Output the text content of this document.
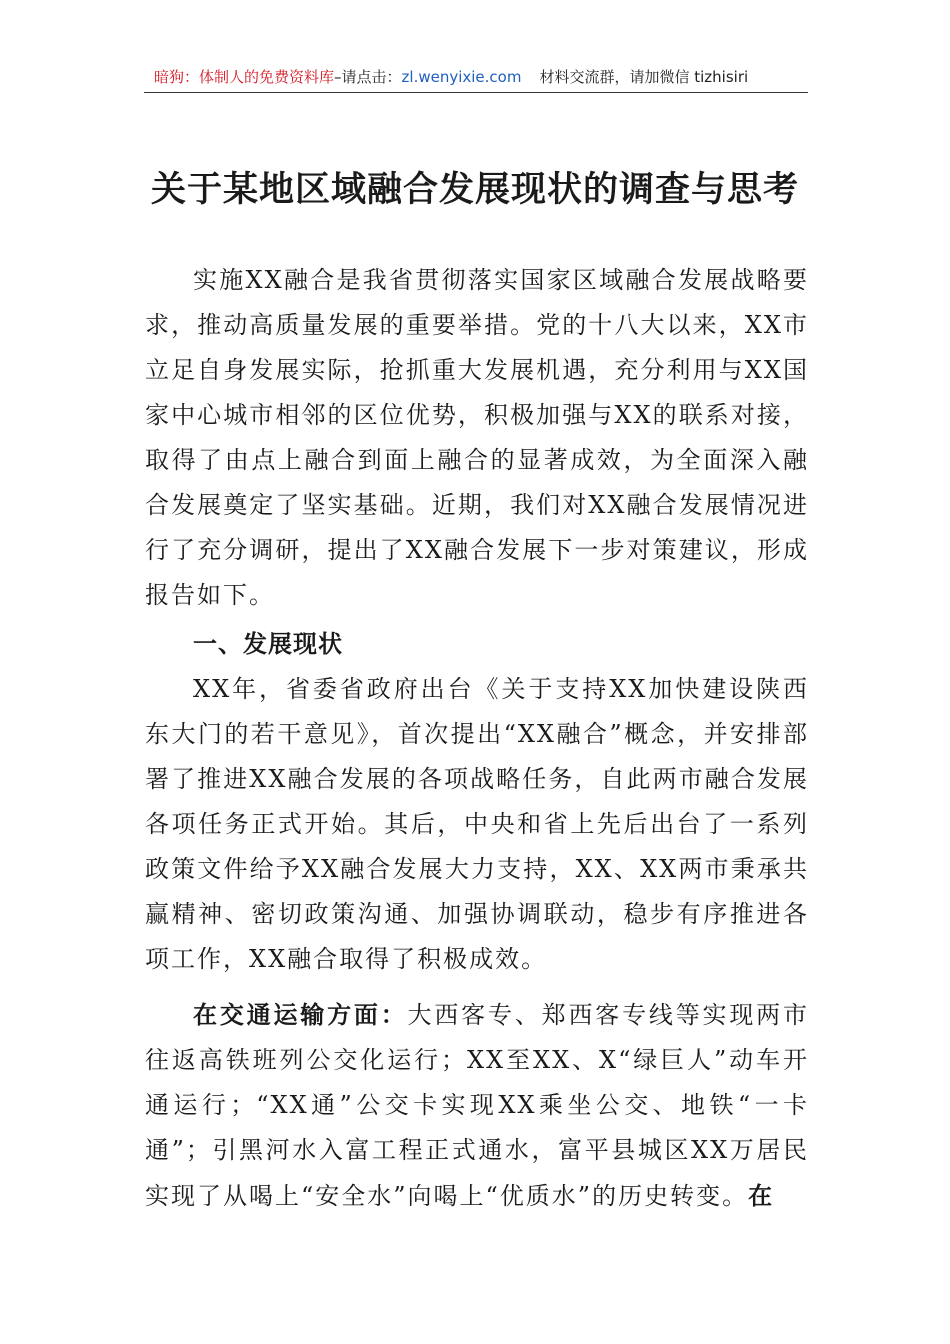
暗狗：体制人的免费资料库–请点击：zl.wenyixie.com 材料交流群，请加微信 tizhisiri
关于某地区域融合发展现状的调查与思考

实施XX融合是我省贯彻落实国家区域融合发展战略要求，推动高质量发展的重要举措。党的十八大以来，XX市立足自身发展实际，抢抓重大发展机遇，充分利用与XX国家中心城市相邻的区位优势，积极加强与XX的联系对接，取得了由点上融合到面上融合的显著成效，为全面深入融合发展奠定了坚实基础。近期，我们对XX融合发展情况进行了充分调研，提出了XX融合发展下一步对策建议，形成报告如下。

一、发展现状

XX年，省委省政府出台《关于支持XX加快建设陕西东大门的若干意见》，首次提出“XX融合”概念，并安排部署了推进XX融合发展的各项战略任务，自此两市融合发展各项任务正式开始。其后，中央和省上先后出台了一系列政策文件给予XX融合发展大力支持，XX、XX两市秉承共赢精神、密切政策沟通、加强协调联动，稳步有序推进各项工作，XX融合取得了积极成效。

在交通运输方面：大西客专、郑西客专线等实现两市往返高铁班列公交化运行；XX至XX、X“绿巨人”动车开通运行；“XX通”公交卡实现XX乘坐公交、地铁“一卡通”；引黑河水入富工程正式通水，富平县城区XX万居民实现了从喝上“安全水”向喝上“优质水”的历史转变。在
